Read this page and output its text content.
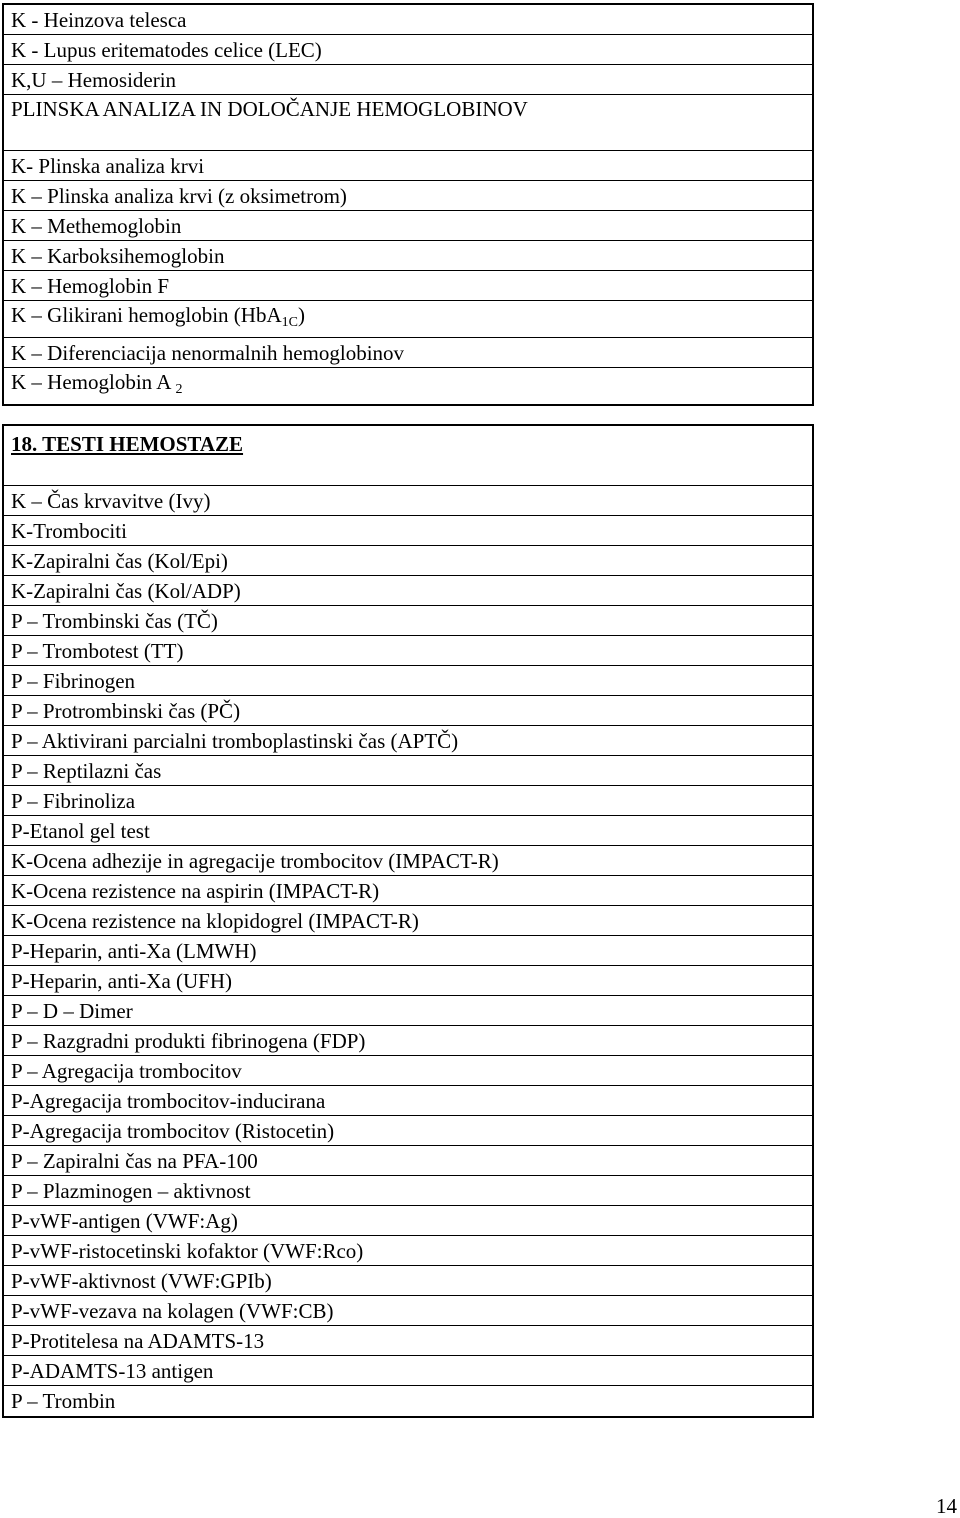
K - Heinzova telesca
K - Lupus eritematodes celice (LEC)
K,U – Hemosiderin
PLINSKA ANALIZA IN DOLOČANJE HEMOGLOBINOV
K- Plinska analiza krvi
K – Plinska analiza krvi (z oksimetrom)
K – Methemoglobin
K – Karboksihemoglobin
K – Hemoglobin F
K – Glikirani hemoglobin (HbA$_{1C}$)
K – Diferenciacija nenormalnih hemoglobinov
K – Hemoglobin A $_2$
18. TESTI HEMOSTAZE
K – Čas krvavitve (Ivy)
K-Trombociti
K-Zapiralni čas (Kol/Epi)
K-Zapiralni čas (Kol/ADP)
P – Trombinski čas (TČ)
P – Trombotest (TT)
P – Fibrinogen
P – Protrombinski čas (PČ)
P – Aktivirani parcialni tromboplastinski čas (APTČ)
P – Reptilazni čas
P – Fibrinoliza
P-Etanol gel test
K-Ocena adhezije in agregacije trombocitov (IMPACT-R)
K-Ocena rezistence na aspirin (IMPACT-R)
K-Ocena rezistence na klopidogrel (IMPACT-R)
P-Heparin, anti-Xa (LMWH)
P-Heparin, anti-Xa (UFH)
P – D – Dimer
P – Razgradni produkti fibrinogena (FDP)
P – Agregacija trombocitov
P-Agregacija trombocitov-inducirana
P-Agregacija trombocitov (Ristocetin)
P – Zapiralni čas na PFA-100
P – Plazminogen – aktivnost
P-vWF-antigen (VWF:Ag)
P-vWF-ristocetinski kofaktor (VWF:Rco)
P-vWF-aktivnost (VWF:GPIb)
P-vWF-vezava na kolagen (VWF:CB)
P-Protitelesa na ADAMTS-13
P-ADAMTS-13 antigen
P – Trombin
14
